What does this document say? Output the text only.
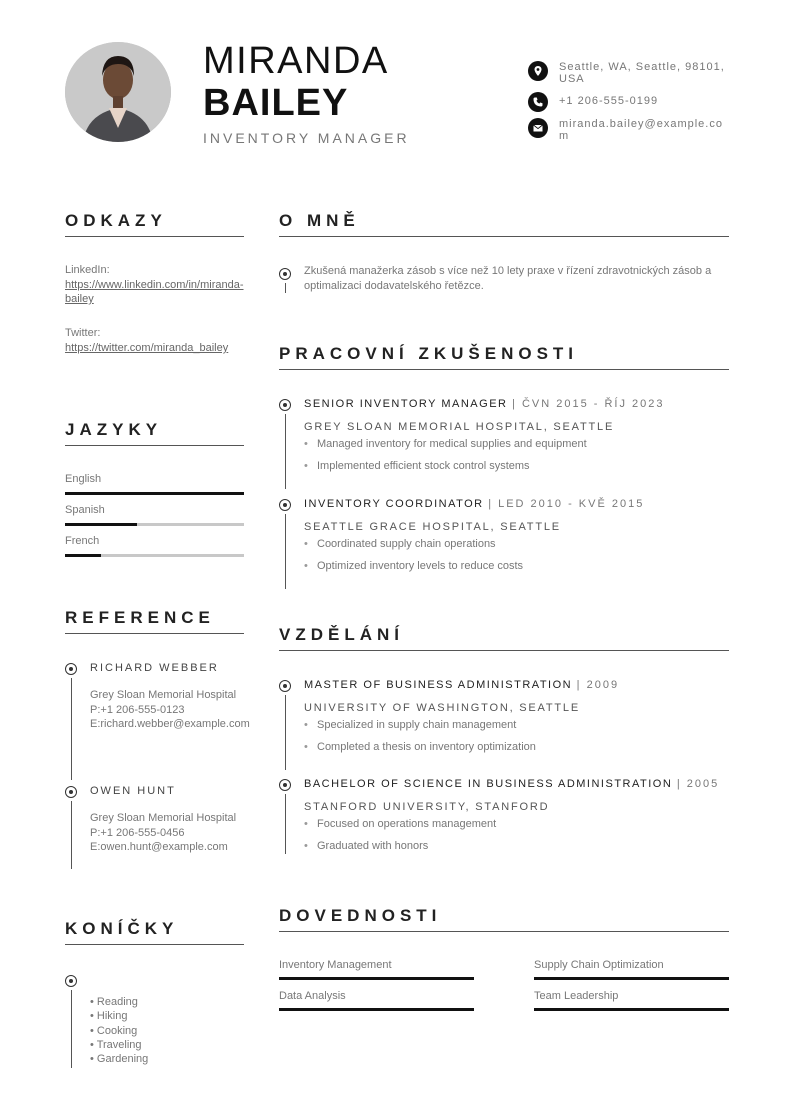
MIRANDA
BAILEY
INVENTORY MANAGER
Seattle, WA, Seattle, 98101, USA
+1 206-555-0199
miranda.bailey@example.com
ODKAZY
LinkedIn:
https://www.linkedin.com/in/miranda-bailey
Twitter:
https://twitter.com/miranda_bailey
JAZYKY
English
Spanish
French
REFERENCE
RICHARD WEBBER
Grey Sloan Memorial Hospital
P:+1 206-555-0123
E:richard.webber@example.com
OWEN HUNT
Grey Sloan Memorial Hospital
P:+1 206-555-0456
E:owen.hunt@example.com
KONÍČKY
• Reading
• Hiking
• Cooking
• Traveling
• Gardening
O MNĚ
Zkušená manažerka zásob s více než 10 lety praxe v řízení zdravotnických zásob a optimalizaci dodavatelského řetězce.
PRACOVNÍ ZKUŠENOSTI
SENIOR INVENTORY MANAGER | ČVN 2015 - ŘÍJ 2023
GREY SLOAN MEMORIAL HOSPITAL, SEATTLE
• Managed inventory for medical supplies and equipment
• Implemented efficient stock control systems
INVENTORY COORDINATOR | LED 2010 - KVĚ 2015
SEATTLE GRACE HOSPITAL, SEATTLE
• Coordinated supply chain operations
• Optimized inventory levels to reduce costs
VZDĚLÁNÍ
MASTER OF BUSINESS ADMINISTRATION | 2009
UNIVERSITY OF WASHINGTON, SEATTLE
• Specialized in supply chain management
• Completed a thesis on inventory optimization
BACHELOR OF SCIENCE IN BUSINESS ADMINISTRATION | 2005
STANFORD UNIVERSITY, STANFORD
• Focused on operations management
• Graduated with honors
DOVEDNOSTI
Inventory Management	Supply Chain Optimization
Data Analysis	Team Leadership
